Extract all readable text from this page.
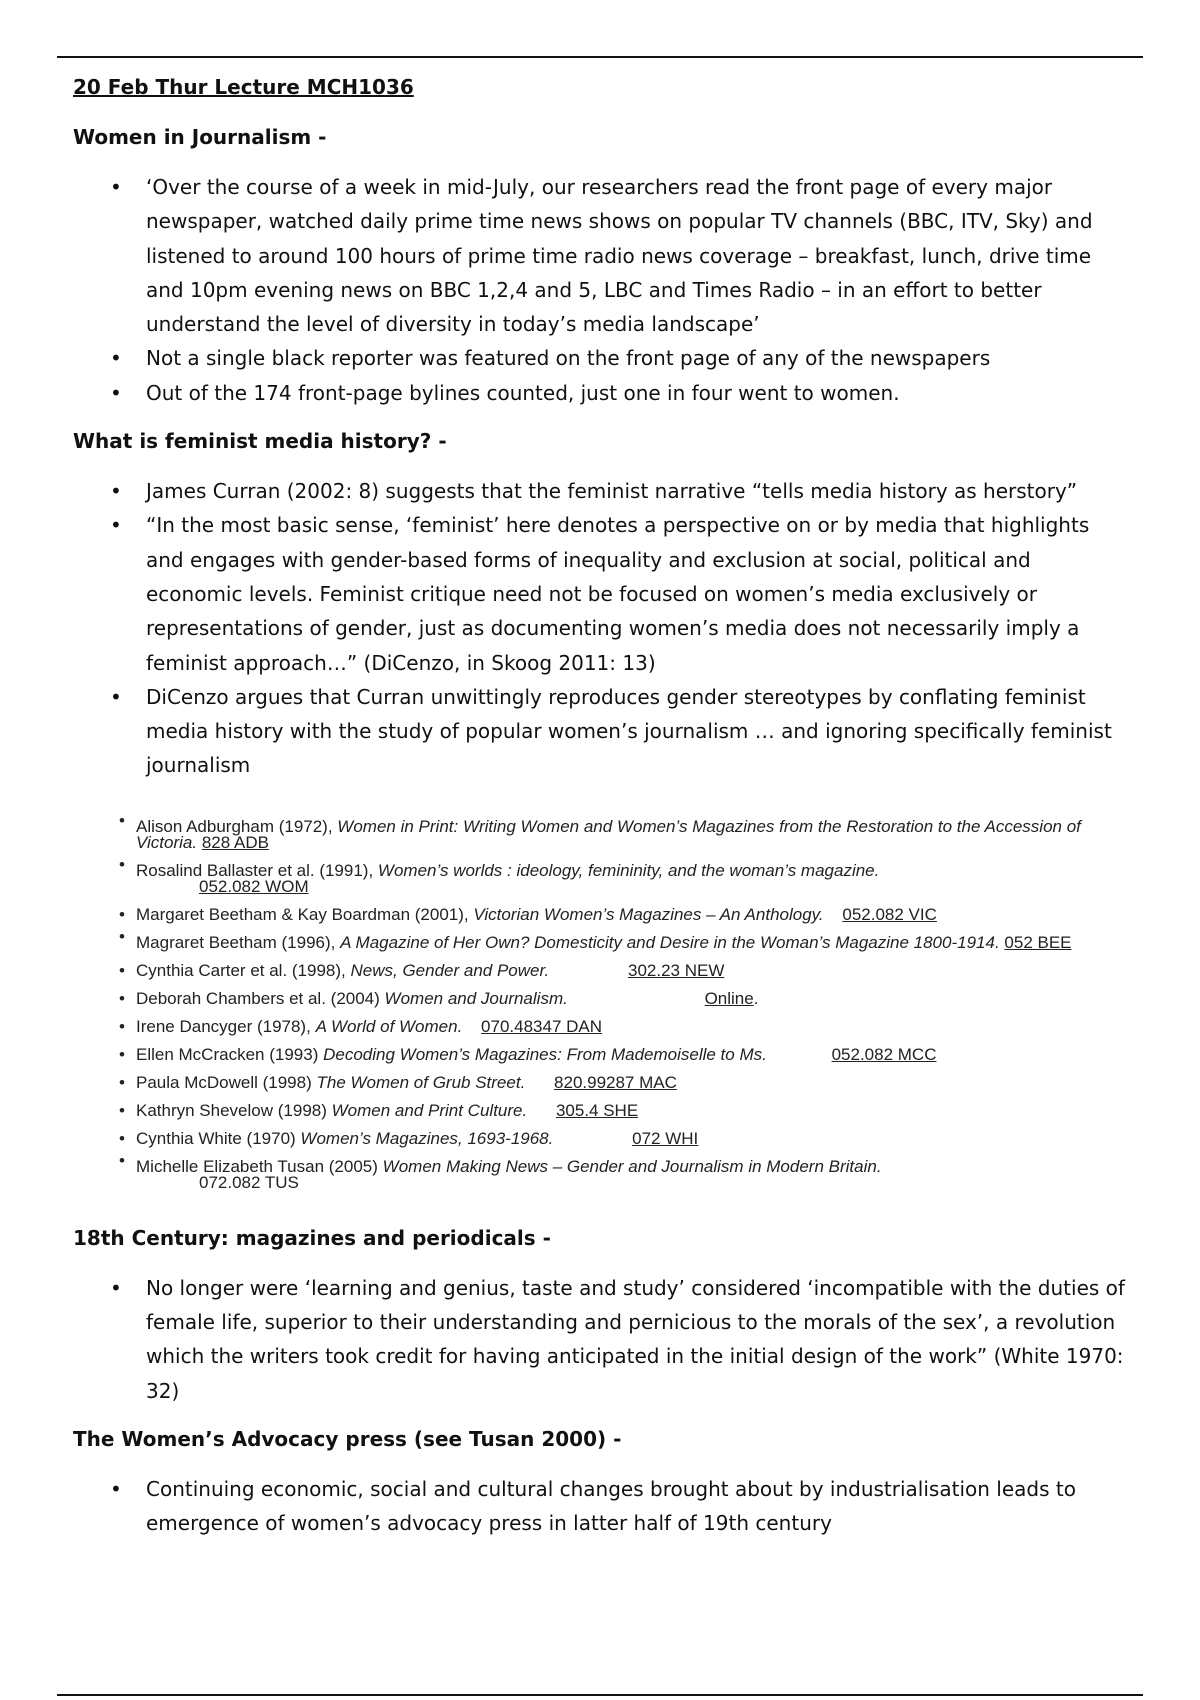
20 Feb Thur Lecture MCH1036

Women in Journalism -

• ‘Over the course of a week in mid-July, our researchers read the front page of every major newspaper, watched daily prime time news shows on popular TV channels (BBC, ITV, Sky) and listened to around 100 hours of prime time radio news coverage – breakfast, lunch, drive time and 10pm evening news on BBC 1,2,4 and 5, LBC and Times Radio – in an effort to better understand the level of diversity in today’s media landscape’
• Not a single black reporter was featured on the front page of any of the newspapers
• Out of the 174 front-page bylines counted, just one in four went to women.

What is feminist media history? -

• James Curran (2002: 8) suggests that the feminist narrative “tells media history as herstory”
• “In the most basic sense, ‘feminist’ here denotes a perspective on or by media that highlights and engages with gender-based forms of inequality and exclusion at social, political and economic levels. Feminist critique need not be focused on women’s media exclusively or representations of gender, just as documenting women’s media does not necessarily imply a feminist approach…” (DiCenzo, in Skoog 2011: 13)
• DiCenzo argues that Curran unwittingly reproduces gender stereotypes by conflating feminist media history with the study of popular women’s journalism … and ignoring specifically feminist journalism
• Alison Adburgham (1972), Women in Print: Writing Women and Women’s Magazines from the Restoration to the Accession of Victoria. 828 ADB
• Rosalind Ballaster et al. (1991), Women’s worlds : ideology, femininity, and the woman’s magazine.
052.082 WOM
• Margaret Beetham & Kay Boardman (2001), Victorian Women’s Magazines – An Anthology. 052.082 VIC
• Magraret Beetham (1996), A Magazine of Her Own? Domesticity and Desire in the Woman’s Magazine 1800-1914. 052 BEE
• Cynthia Carter et al. (1998), News, Gender and Power.	302.23 NEW
• Deborah Chambers et al. (2004) Women and Journalism.	Online.
• Irene Dancyger (1978), A World of Women. 070.48347 DAN
• Ellen McCracken (1993) Decoding Women’s Magazines: From Mademoiselle to Ms.	052.082 MCC
• Paula McDowell (1998) The Women of Grub Street. 820.99287 MAC
• Kathryn Shevelow (1998) Women and Print Culture. 305.4 SHE
• Cynthia White (1970) Women’s Magazines, 1693-1968.	072 WHI
• Michelle Elizabeth Tusan (2005) Women Making News – Gender and Journalism in Modern Britain.
072.082 TUS

18th Century: magazines and periodicals -

• No longer were ‘learning and genius, taste and study’ considered ‘incompatible with the duties of female life, superior to their understanding and pernicious to the morals of the sex’, a revolution which the writers took credit for having anticipated in the initial design of the work” (White 1970: 32)

The Women’s Advocacy press (see Tusan 2000) -

• Continuing economic, social and cultural changes brought about by industrialisation leads to emergence of women’s advocacy press in latter half of 19th century
